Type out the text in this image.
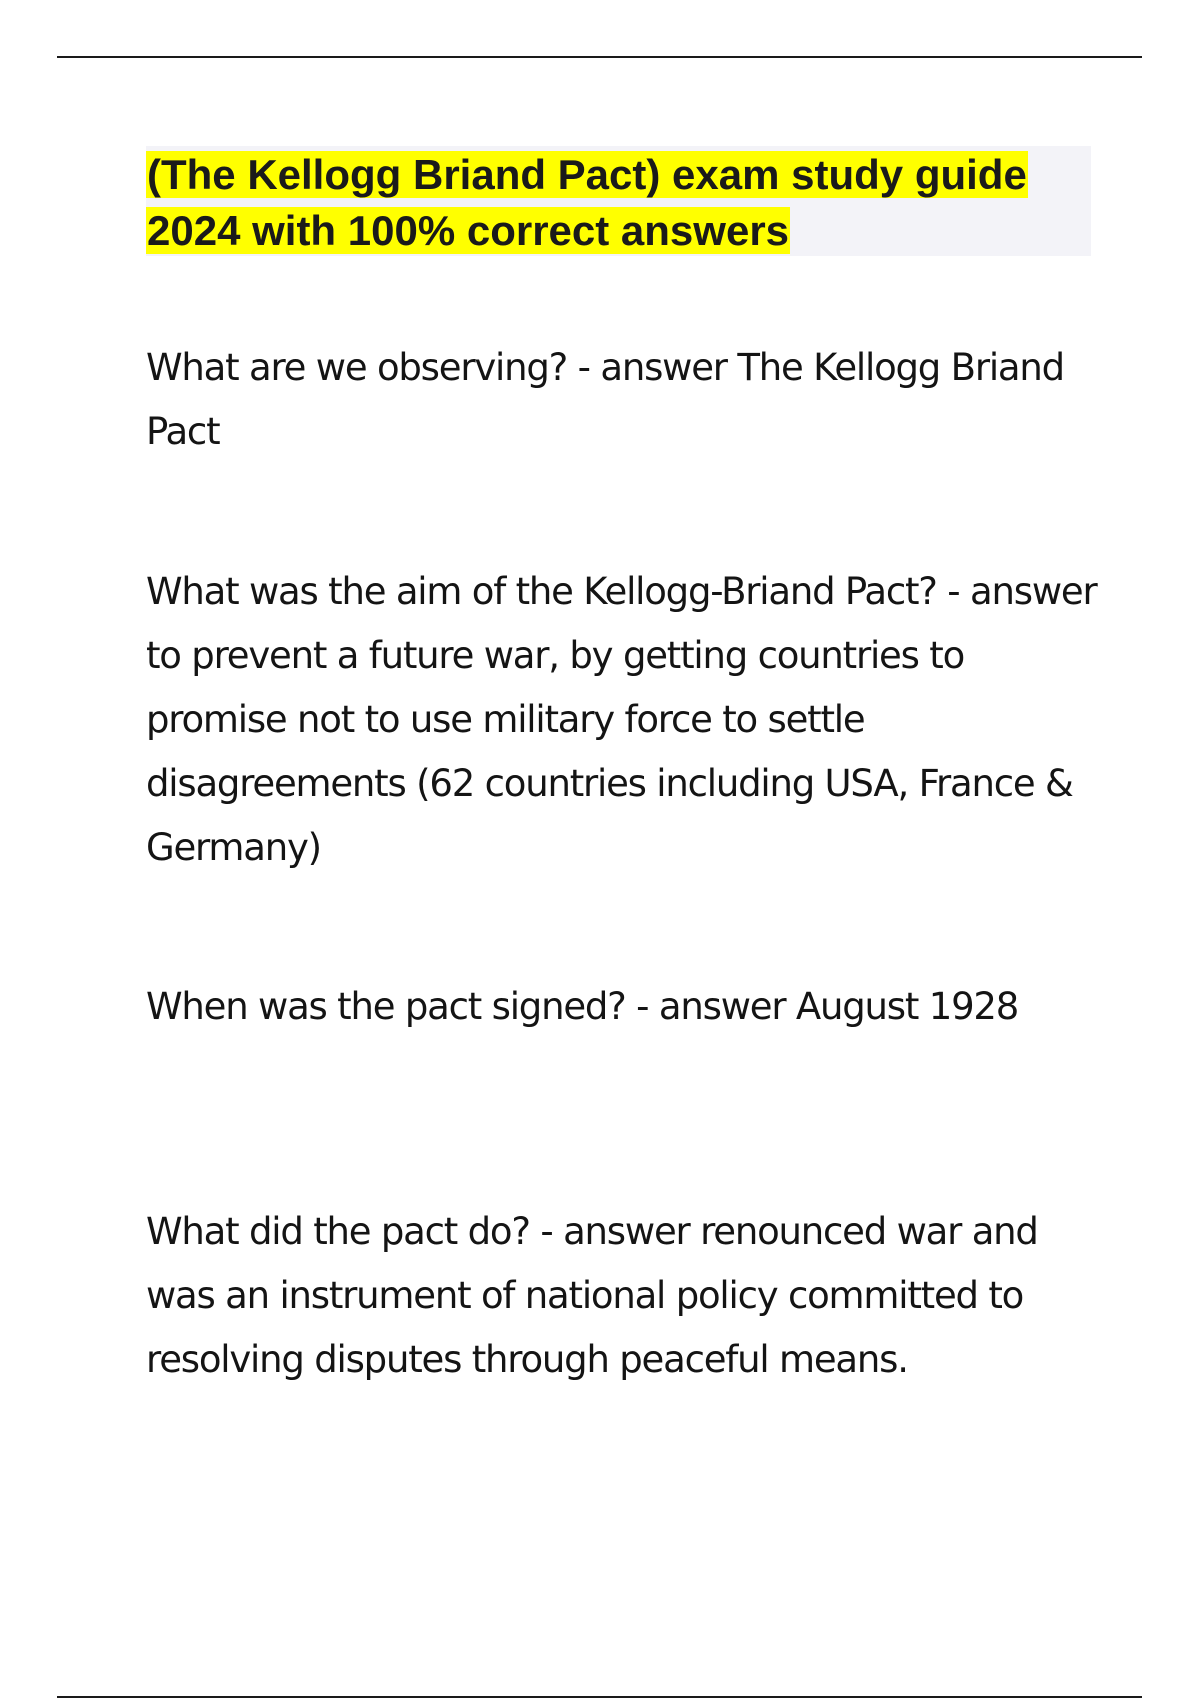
(The Kellogg Briand Pact) exam study guide 2024 with 100% correct answers

What are we observing? - answer The Kellogg Briand Pact

What was the aim of the Kellogg-Briand Pact? - answer to prevent a future war, by getting countries to promise not to use military force to settle disagreements (62 countries including USA, France & Germany)

When was the pact signed? - answer August 1928

What did the pact do? - answer renounced war and was an instrument of national policy committed to resolving disputes through peaceful means.
